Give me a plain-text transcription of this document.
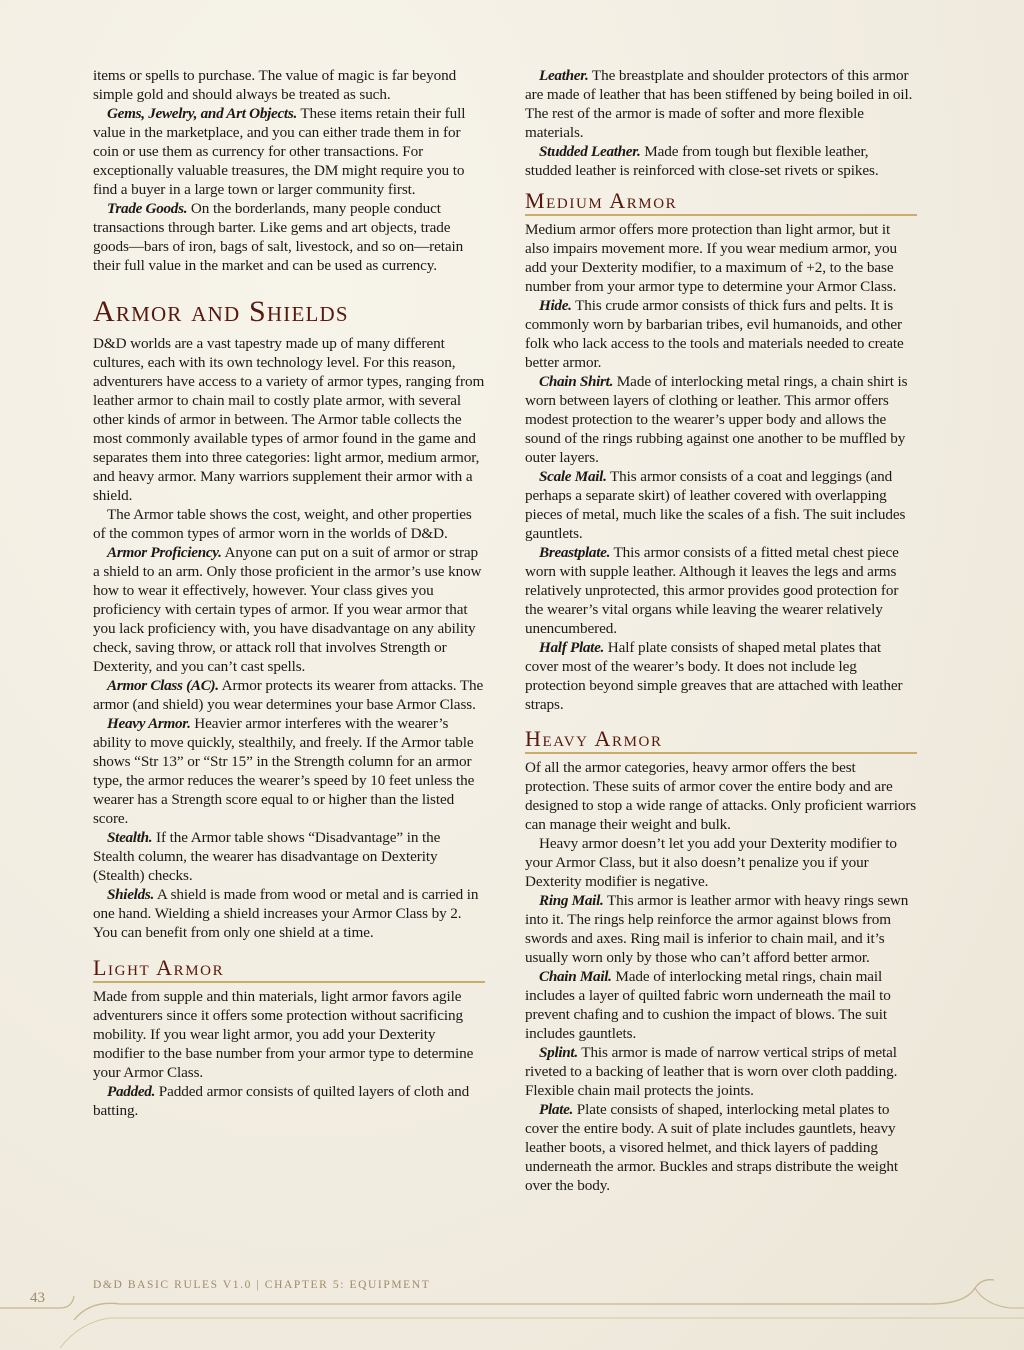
items or spells to purchase. The value of magic is far beyond simple gold and should always be treated as such.

Gems, Jewelry, and Art Objects. These items retain their full value in the marketplace, and you can either trade them in for coin or use them as currency for other transactions. For exceptionally valuable treasures, the DM might require you to find a buyer in a large town or larger community first.

Trade Goods. On the borderlands, many people conduct transactions through barter. Like gems and art objects, trade goods—bars of iron, bags of salt, livestock, and so on—retain their full value in the market and can be used as currency.

Armor and Shields

D&D worlds are a vast tapestry made up of many different cultures, each with its own technology level. For this reason, adventurers have access to a variety of armor types, ranging from leather armor to chain mail to costly plate armor, with several other kinds of armor in between. The Armor table collects the most commonly available types of armor found in the game and separates them into three categories: light armor, medium armor, and heavy armor. Many warriors supplement their armor with a shield.

The Armor table shows the cost, weight, and other properties of the common types of armor worn in the worlds of D&D.

Armor Proficiency. Anyone can put on a suit of armor or strap a shield to an arm. Only those proficient in the armor’s use know how to wear it effectively, however. Your class gives you proficiency with certain types of armor. If you wear armor that you lack proficiency with, you have disadvantage on any ability check, saving throw, or attack roll that involves Strength or Dexterity, and you can’t cast spells.

Armor Class (AC). Armor protects its wearer from attacks. The armor (and shield) you wear determines your base Armor Class.

Heavy Armor. Heavier armor interferes with the wearer’s ability to move quickly, stealthily, and freely. If the Armor table shows “Str 13” or “Str 15” in the Strength column for an armor type, the armor reduces the wearer’s speed by 10 feet unless the wearer has a Strength score equal to or higher than the listed score.

Stealth. If the Armor table shows “Disadvantage” in the Stealth column, the wearer has disadvantage on Dexterity (Stealth) checks.

Shields. A shield is made from wood or metal and is carried in one hand. Wielding a shield increases your Armor Class by 2. You can benefit from only one shield at a time.

Light Armor

Made from supple and thin materials, light armor favors agile adventurers since it offers some protection without sacrificing mobility. If you wear light armor, you add your Dexterity modifier to the base number from your armor type to determine your Armor Class.

Padded. Padded armor consists of quilted layers of cloth and batting.

Leather. The breastplate and shoulder protectors of this armor are made of leather that has been stiffened by being boiled in oil. The rest of the armor is made of softer and more flexible materials.

Studded Leather. Made from tough but flexible leather, studded leather is reinforced with close-set rivets or spikes.

Medium Armor

Medium armor offers more protection than light armor, but it also impairs movement more. If you wear medium armor, you add your Dexterity modifier, to a maximum of +2, to the base number from your armor type to determine your Armor Class.

Hide. This crude armor consists of thick furs and pelts. It is commonly worn by barbarian tribes, evil humanoids, and other folk who lack access to the tools and materials needed to create better armor.

Chain Shirt. Made of interlocking metal rings, a chain shirt is worn between layers of clothing or leather. This armor offers modest protection to the wearer’s upper body and allows the sound of the rings rubbing against one another to be muffled by outer layers.

Scale Mail. This armor consists of a coat and leggings (and perhaps a separate skirt) of leather covered with overlapping pieces of metal, much like the scales of a fish. The suit includes gauntlets.

Breastplate. This armor consists of a fitted metal chest piece worn with supple leather. Although it leaves the legs and arms relatively unprotected, this armor provides good protection for the wearer’s vital organs while leaving the wearer relatively unencumbered.

Half Plate. Half plate consists of shaped metal plates that cover most of the wearer’s body. It does not include leg protection beyond simple greaves that are attached with leather straps.

Heavy Armor

Of all the armor categories, heavy armor offers the best protection. These suits of armor cover the entire body and are designed to stop a wide range of attacks. Only proficient warriors can manage their weight and bulk.

Heavy armor doesn’t let you add your Dexterity modifier to your Armor Class, but it also doesn’t penalize you if your Dexterity modifier is negative.

Ring Mail. This armor is leather armor with heavy rings sewn into it. The rings help reinforce the armor against blows from swords and axes. Ring mail is inferior to chain mail, and it’s usually worn only by those who can’t afford better armor.

Chain Mail. Made of interlocking metal rings, chain mail includes a layer of quilted fabric worn underneath the mail to prevent chafing and to cushion the impact of blows. The suit includes gauntlets.

Splint. This armor is made of narrow vertical strips of metal riveted to a backing of leather that is worn over cloth padding. Flexible chain mail protects the joints.

Plate. Plate consists of shaped, interlocking metal plates to cover the entire body. A suit of plate includes gauntlets, heavy leather boots, a visored helmet, and thick layers of padding underneath the armor. Buckles and straps distribute the weight over the body.

D&D BASIC RULES V1.0 | CHAPTER 5: EQUIPMENT
43
